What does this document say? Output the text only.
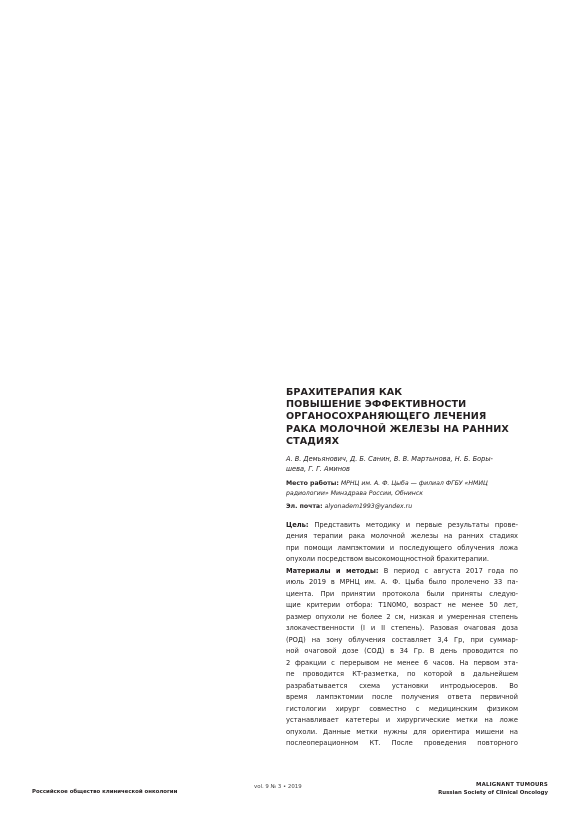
БРАХИТЕРАПИЯ КАК
ПОВЫШЕНИЕ ЭФФЕКТИВНОСТИ
ОРГАНОСОХРАНЯЮЩЕГО ЛЕЧЕНИЯ
РАКА МОЛОЧНОЙ ЖЕЛЕЗЫ НА РАННИХ
СТАДИЯХ
А. В. Демьянович, Д. Б. Санин, В. В. Мартынова, Н. Б. Боры-
шева, Г. Г. Аминов
Место работы: МРНЦ им. А. Ф. Цыба — филиал ФГБУ «НМИЦ
радиологии» Минздрава России, Обнинск
Эл. почта: alyonadem1993@yandex.ru
Цель: Представить методику и первые результаты прове-
дения терапии рака молочной железы на ранних стадиях
при помощи лампэктомии и последующего облучения ложа
опухоли посредством высокомощностной брахитерапии.
Материалы и методы: В период с августа 2017 года по
июль 2019 в МРНЦ им. А. Ф. Цыба было пролечено 33 па-
циента. При принятии протокола были приняты следую-
щие критерии отбора: T1N0M0, возраст не менее 50 лет,
размер опухоли не более 2 см, низкая и умеренная степень
злокачественности (I и II степень). Разовая очаговая доза
(РОД) на зону облучения составляет 3,4 Гр, при суммар-
ной очаговой дозе (СОД) в 34 Гр. В день проводится по
2 фракции с перерывом не менее 6 часов. На первом эта-
пе проводится КТ-разметка, по которой в дальнейшем
разрабатывается схема установки интродьюсеров. Во
время лампэктомии после получения ответа первичной
гистологии хирург совместно с медицинским физиком
устанавливает катетеры и хирургические метки на ложе
опухоли. Данные метки нужны для ориентира мишени на
послеоперационном КТ. После проведения повторного
Российское общество клинической онкологии
vol. 9 № 3 • 2019	MALIGNANT TUMOURS
Russian Society of Clinical Oncology
